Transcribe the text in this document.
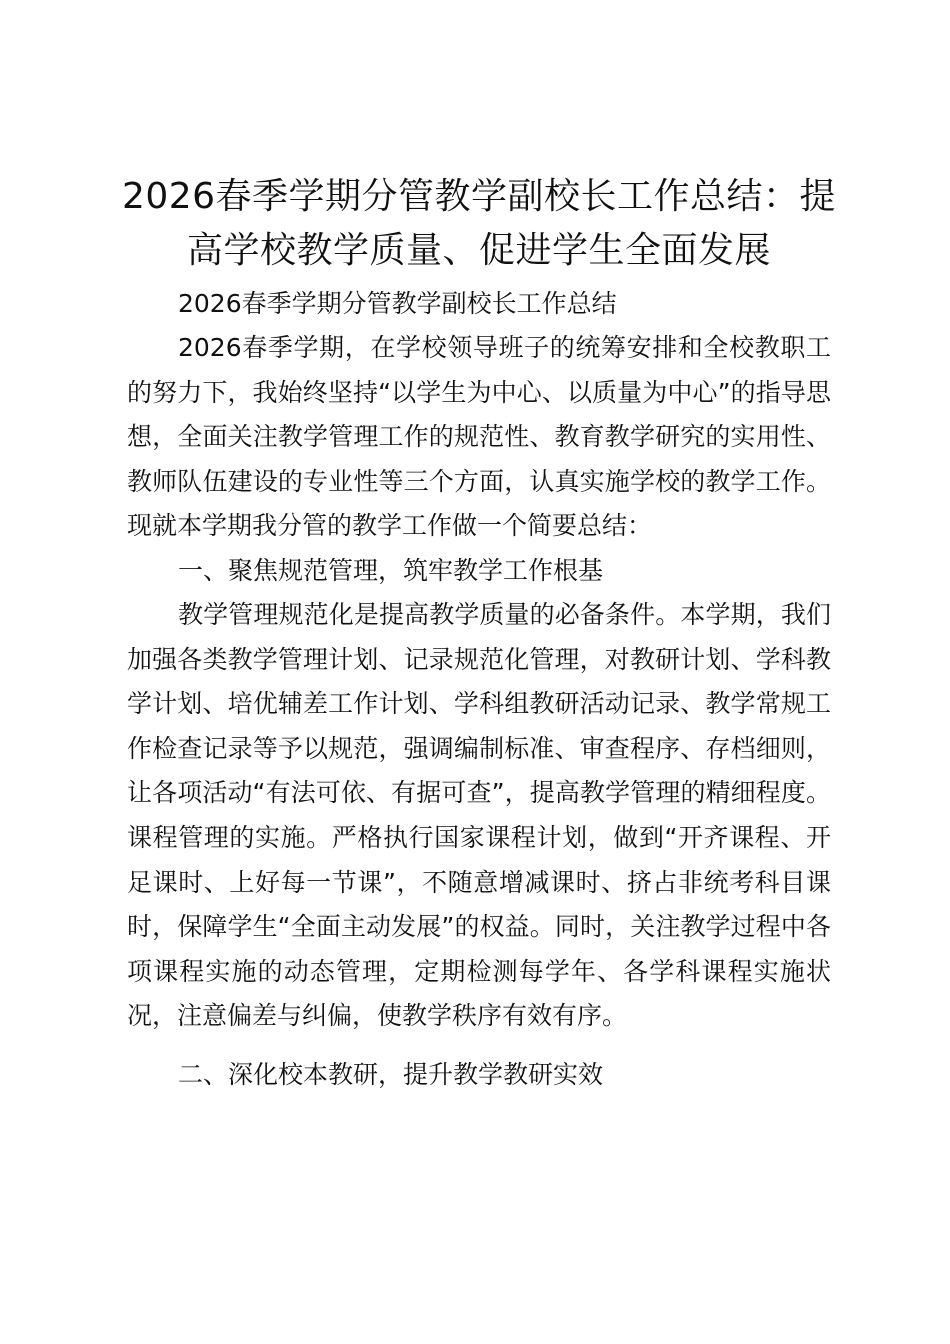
2026春季学期分管教学副校长工作总结：提高学校教学质量、促进学生全面发展

2026春季学期分管教学副校长工作总结

2026春季学期，在学校领导班子的统筹安排和全校教职工的努力下，我始终坚持“以学生为中心、以质量为中心”的指导思想，全面关注教学管理工作的规范性、教育教学研究的实用性、教师队伍建设的专业性等三个方面，认真实施学校的教学工作。现就本学期我分管的教学工作做一个简要总结：

一、聚焦规范管理，筑牢教学工作根基

教学管理规范化是提高教学质量的必备条件。本学期，我们加强各类教学管理计划、记录规范化管理，对教研计划、学科教学计划、培优辅差工作计划、学科组教研活动记录、教学常规工作检查记录等予以规范，强调编制标准、审查程序、存档细则，让各项活动“有法可依、有据可查”，提高教学管理的精细程度。课程管理的实施。严格执行国家课程计划，做到“开齐课程、开足课时、上好每一节课”，不随意增减课时、挤占非统考科目课时，保障学生“全面主动发展”的权益。同时，关注教学过程中各项课程实施的动态管理，定期检测每学年、各学科课程实施状况，注意偏差与纠偏，使教学秩序有效有序。

二、深化校本教研，提升教学教研实效
